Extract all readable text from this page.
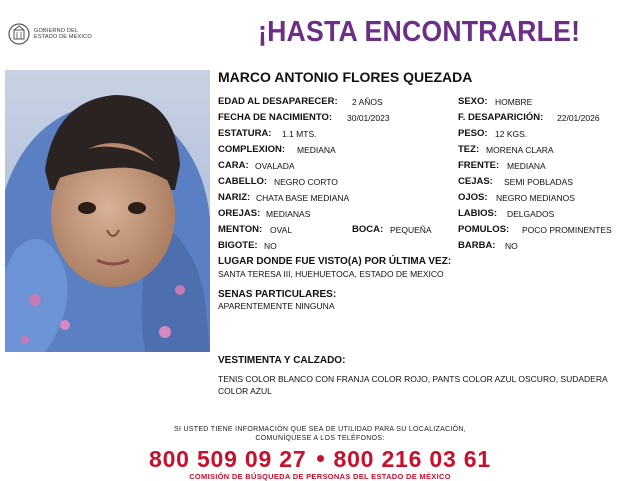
GOBIERNO DEL
ESTADO DE MÉXICO	¡HASTA ENCONTRARLE!
MARCO ANTONIO FLORES QUEZADA
EDAD AL DESAPARECER: 2 AÑOS
FECHA DE NACIMIENTO: 30/01/2023
ESTATURA: 1.1 MTS.
COMPLEXION: MEDIANA
CARA: OVALADA
CABELLO: NEGRO CORTO
NARIZ: CHATA BASE MEDIANA
OREJAS: MEDIANAS
MENTON: OVAL	BOCA: PEQUEÑA
BIGOTE: NO
SEXO: HOMBRE
F. DESAPARICIÓN: 22/01/2026
PESO: 12 KGS.
TEZ: MORENA CLARA
FRENTE: MEDIANA
CEJAS: SEMI POBLADAS
OJOS: NEGRO MEDIANOS
LABIOS: DELGADOS
POMULOS: POCO PROMINENTES
BARBA: NO
LUGAR DONDE FUE VISTO(A) POR ÚLTIMA VEZ:
SANTA TERESA III, HUEHUETOCA, ESTADO DE MEXICO
SENAS PARTICULARES:
APARENTEMENTE NINGUNA
VESTIMENTA Y CALZADO:
TENIS COLOR BLANCO CON FRANJA COLOR ROJO, PANTS COLOR AZUL OSCURO, SUDADERA COLOR AZUL
SI USTED TIENE INFORMACIÓN QUE SEA DE UTILIDAD PARA SU LOCALIZACIÓN,
COMUNÍQUESE A LOS TELÉFONOS:
800 509 09 27 800 216 03 61
COMISIÓN DE BÚSQUEDA DE PERSONAS DEL ESTADO DE MÉXICO
